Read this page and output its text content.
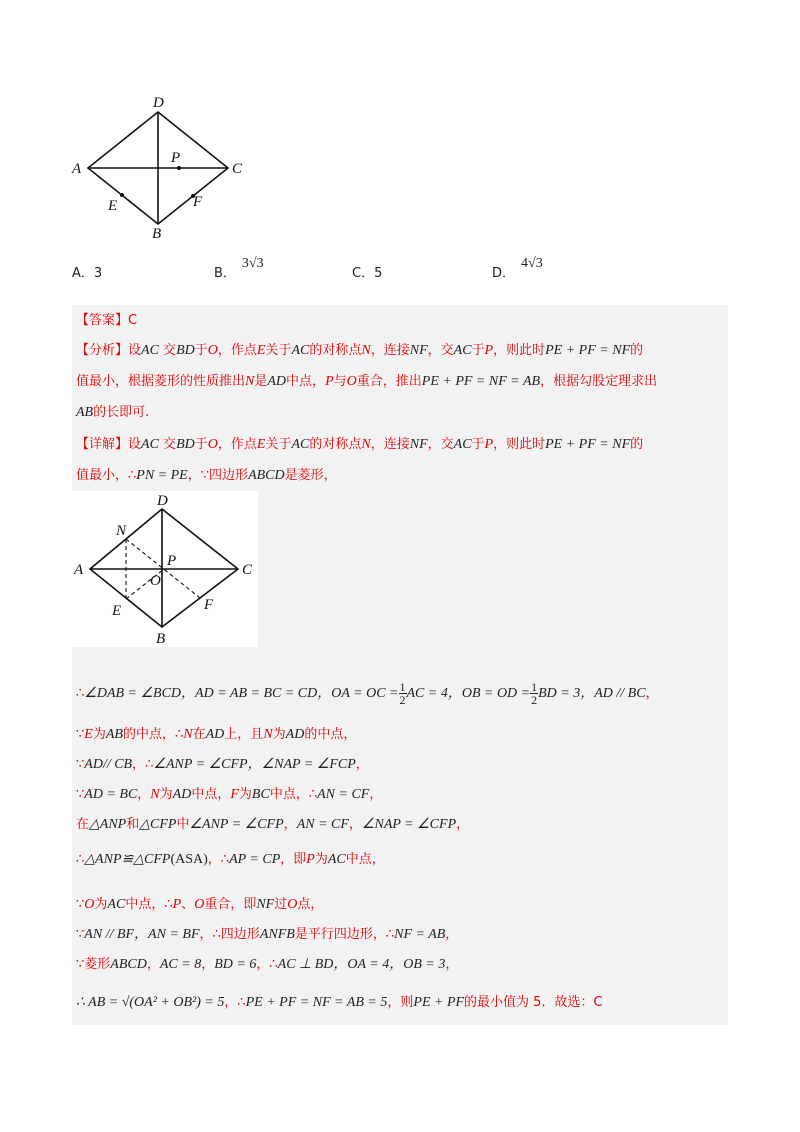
D
A
P
C
E	F
B
A．3	B．3√3
C．5	D．4√3
【答案】C
【分析】设AC 交BD于O，作点E关于AC的对称点N，连接NF，交AC于P，则此时PE + PF = NF的
值最小，根据菱形的性质推出N是AD中点，P与O重合，推出PE + PF = NF = AB，根据勾股定理求出
AB的长即可.
【详解】设AC 交BD于O，作点E关于AC的对称点N，连接NF，交AC于P，则此时PE + PF = NF的
值最小，∴PN = PE，∵四边形ABCD是菱形，
D
N
A
P
O
C
E	F
B
∴∠DAB = ∠BCD，AD = AB = BC = CD，OA = OC = $\frac{1}{2}$ AC = 4，OB = OD = $\frac{1}{2}$ BD = 3，AD // BC，
∵E为AB的中点，∴N在AD上，且N为AD的中点，
∵AD// CB，∴∠ANP = ∠CFP，∠NAP = ∠FCP，
∵AD = BC，N为AD中点，F为BC中点，∴AN = CF，
在△ANP和△CFP中∠ANP = ∠CFP，AN = CF，∠NAP = ∠CFP，
∴△ANP≌△CFP(ASA)，∴AP = CP，即P为AC中点，
∵O为AC中点，∴P、O重合，即NF过O点，
∵AN // BF，AN = BF，∴四边形ANFB是平行四边形，∴NF = AB，
∵菱形ABCD，AC = 8，BD = 6，∴AC ⊥ BD，OA = 4，OB = 3，
∴ AB = √(OA² + OB²) = 5，∴PE + PF = NF = AB = 5，则PE + PF的最小值为 5．故选：C
